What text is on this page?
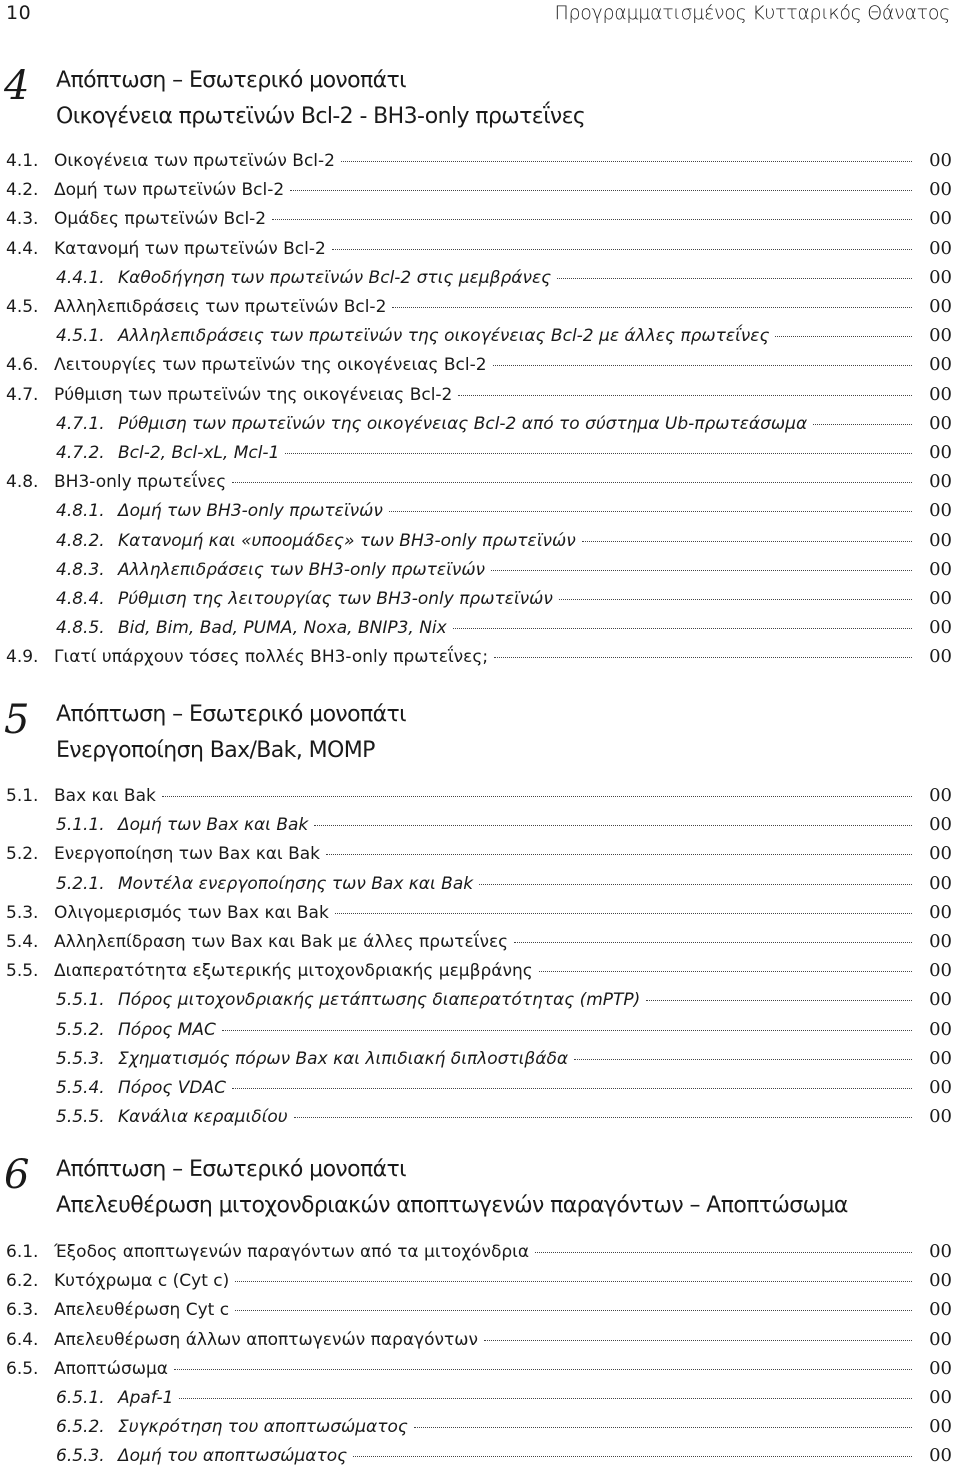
10	Προγραμματισμένος Κυτταρικός Θάνατος
4 Απόπτωση – Εσωτερικό μονοπάτι
Οικογένεια πρωτεϊνών Bcl-2 - BH3-only πρωτεΐνες
4.1. Οικογένεια των πρωτεϊνών Bcl-2	00
4.2. Δομή των πρωτεϊνών Bcl-2	00
4.3. Ομάδες πρωτεϊνών Bcl-2	00
4.4. Κατανομή των πρωτεϊνών Bcl-2	00
4.4.1. Καθοδήγηση των πρωτεϊνών Bcl-2 στις μεμβράνες	00
4.5. Αλληλεπιδράσεις των πρωτεϊνών Bcl-2	00
4.5.1. Αλληλεπιδράσεις των πρωτεϊνών της οικογένειας Bcl-2 με άλλες πρωτεΐνες	00
4.6. Λειτουργίες των πρωτεϊνών της οικογένειας Bcl-2	00
4.7. Ρύθμιση των πρωτεϊνών της οικογένειας Bcl-2	00
4.7.1. Ρύθμιση των πρωτεϊνών της οικογένειας Bcl-2 από το σύστημα Ub-πρωτεάσωμα	00
4.7.2. Bcl-2, Bcl-xL, Mcl-1	00
4.8. BH3-only πρωτεΐνες	00
4.8.1. Δομή των BH3-only πρωτεϊνών	00
4.8.2. Κατανομή και «υποομάδες» των BH3-only πρωτεϊνών	00
4.8.3. Αλληλεπιδράσεις των BH3-only πρωτεϊνών	00
4.8.4. Ρύθμιση της λειτουργίας των BH3-only πρωτεϊνών	00
4.8.5. Bid, Bim, Bad, PUMA, Noxa, BNIP3, Nix	00
4.9. Γιατί υπάρχουν τόσες πολλές BH3-only πρωτεΐνες;	00
5 Απόπτωση – Εσωτερικό μονοπάτι
Ενεργοποίηση Bax/Bak, MOMP
5.1. Bax και Bak	00
5.1.1. Δομή των Bax και Bak	00
5.2. Ενεργοποίηση των Bax και Bak	00
5.2.1. Μοντέλα ενεργοποίησης των Bax και Bak	00
5.3. Ολιγομερισμός των Bax και Bak	00
5.4. Αλληλεπίδραση των Bax και Bak με άλλες πρωτεΐνες	00
5.5. Διαπερατότητα εξωτερικής μιτοχονδριακής μεμβράνης	00
5.5.1. Πόρος μιτοχονδριακής μετάπτωσης διαπερατότητας (mPTP)	00
5.5.2. Πόρος MAC	00
5.5.3. Σχηματισμός πόρων Bax και λιπιδιακή διπλοστιβάδα	00
5.5.4. Πόρος VDAC	00
5.5.5. Κανάλια κεραμιδίου	00
6 Απόπτωση – Εσωτερικό μονοπάτι
Απελευθέρωση μιτοχονδριακών αποπτωγενών παραγόντων – Αποπτώσωμα
6.1. Έξοδος αποπτωγενών παραγόντων από τα μιτοχόνδρια	00
6.2. Κυτόχρωμα c (Cyt c)	00
6.3. Απελευθέρωση Cyt c	00
6.4. Απελευθέρωση άλλων αποπτωγενών παραγόντων	00
6.5. Αποπτώσωμα	00
6.5.1. Apaf-1	00
6.5.2. Συγκρότηση του αποπτωσώματος	00
6.5.3. Δομή του αποπτωσώματος	00
